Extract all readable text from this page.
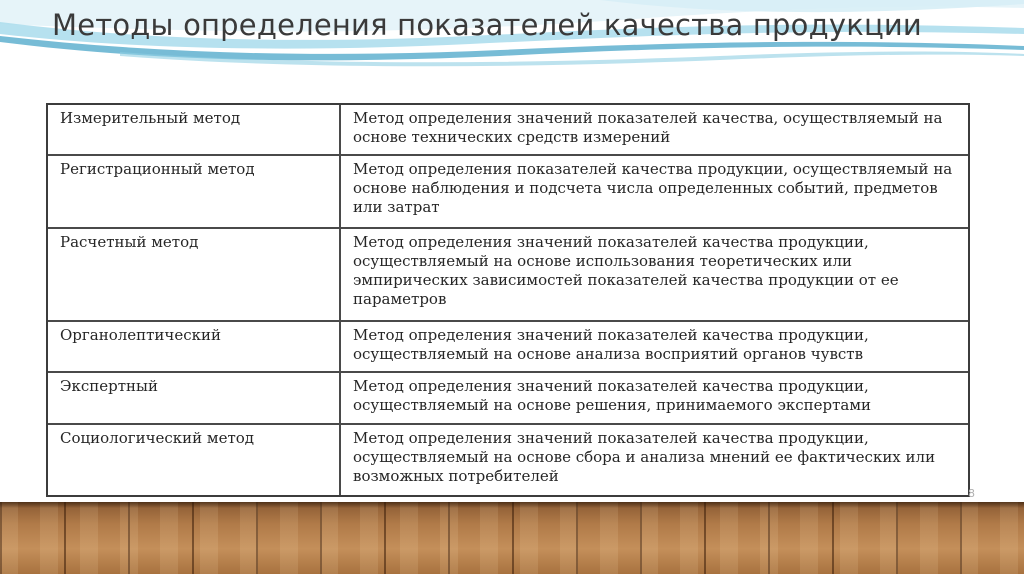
Методы определения показателей качества продукции
Измерительный метод	Метод определения значений показателей качества, осуществляемый на основе технических средств измерений
Регистрационный метод	Метод определения показателей качества продукции, осуществляемый на основе наблюдения и подсчета числа определенных событий, предметов или затрат
Расчетный метод	Метод определения значений показателей качества продукции, осуществляемый на основе использования теоретических или эмпирических зависимостей показателей качества продукции от ее параметров
Органолептический	Метод определения значений показателей качества продукции, осуществляемый на основе анализа восприятий органов чувств
Экспертный	Метод определения значений показателей качества продукции, осуществляемый на основе решения, принимаемого экспертами
Социологический метод	Метод определения значений показателей качества продукции, осуществляемый на основе сбора и анализа мнений ее фактических или возможных потребителей
8
